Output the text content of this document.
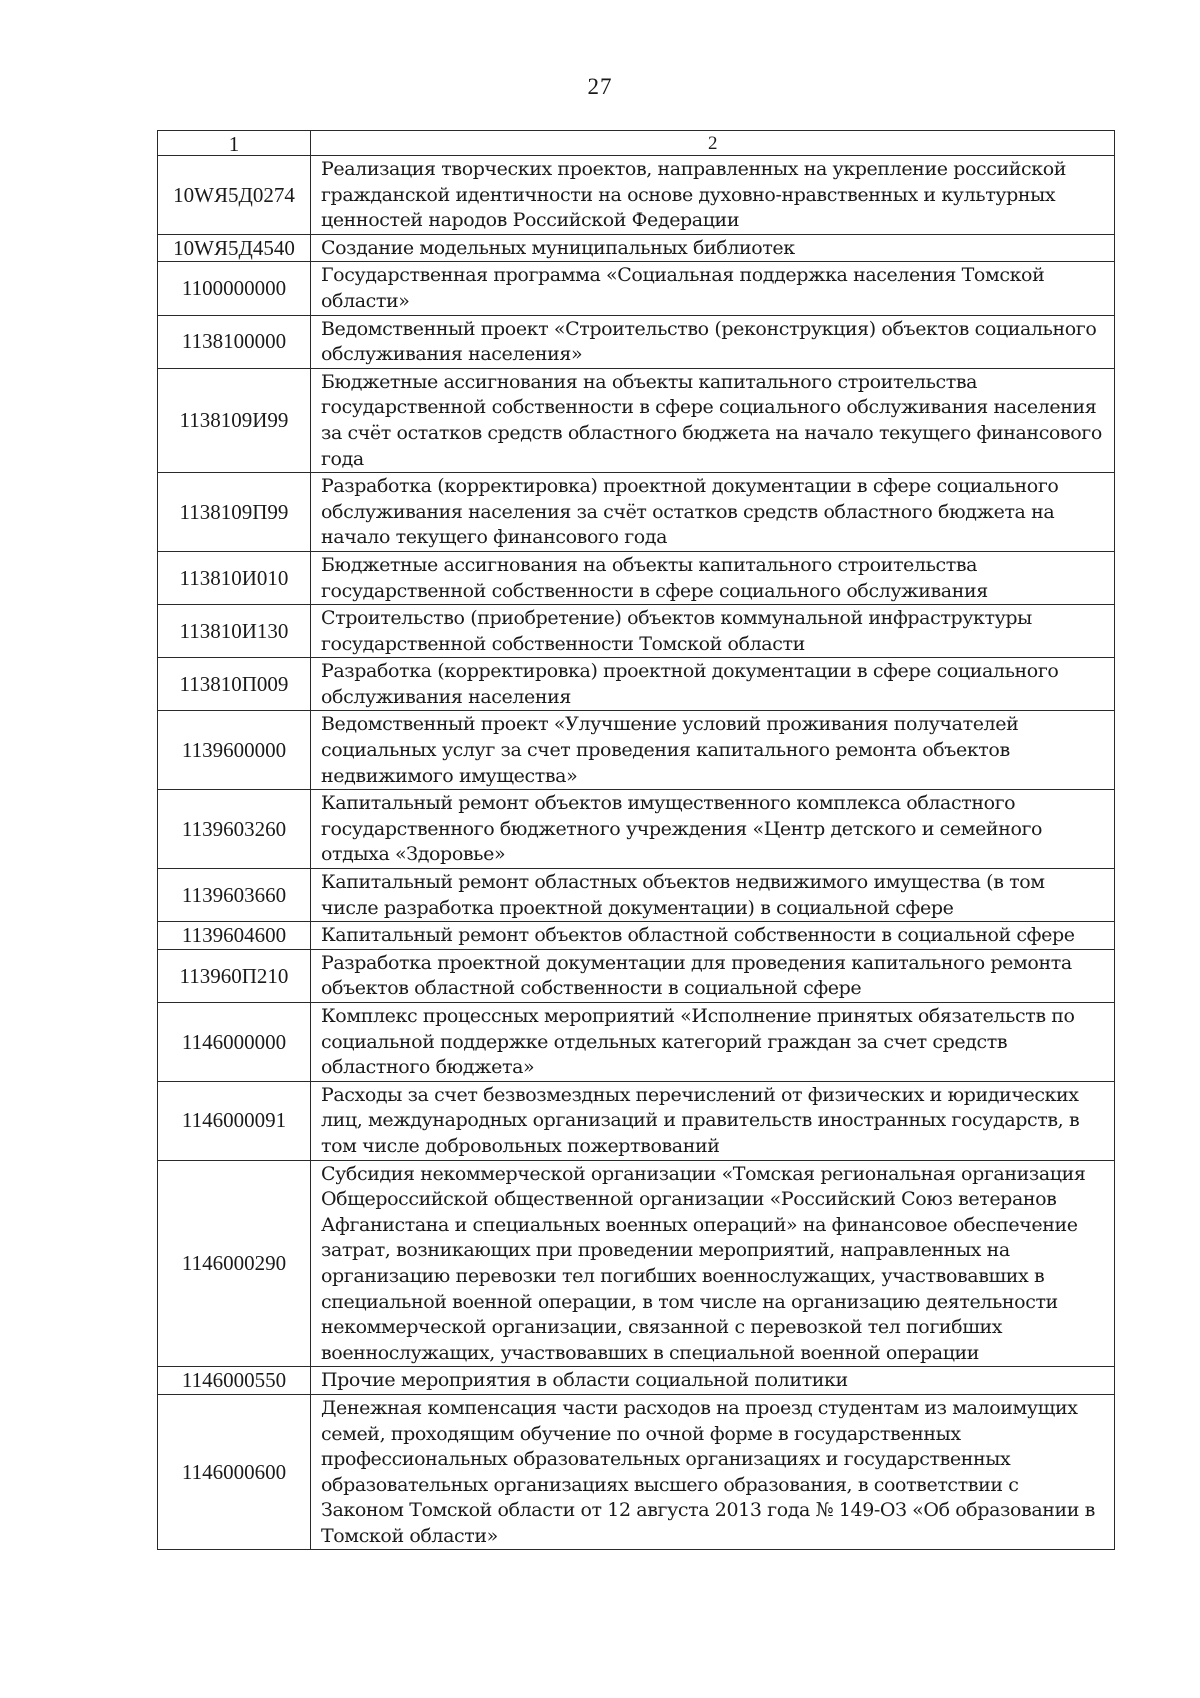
27
1	2
10WЯ5Д0274	Реализация творческих проектов, направленных на укрепление российской гражданской идентичности на основе духовно-нравственных и культурных ценностей народов Российской Федерации
10WЯ5Д4540	Создание модельных муниципальных библиотек
1100000000	Государственная программа «Социальная поддержка населения Томской области»
1138100000	Ведомственный проект «Строительство (реконструкция) объектов социального обслуживания населения»
1138109И99	Бюджетные ассигнования на объекты капитального строительства государственной собственности в сфере социального обслуживания населения за счёт остатков средств областного бюджета на начало текущего финансового года
1138109П99	Разработка (корректировка) проектной документации в сфере социального обслуживания населения за счёт остатков средств областного бюджета на начало текущего финансового года
113810И010	Бюджетные ассигнования на объекты капитального строительства государственной собственности в сфере социального обслуживания
113810И130	Строительство (приобретение) объектов коммунальной инфраструктуры государственной собственности Томской области
113810П009	Разработка (корректировка) проектной документации в сфере социального обслуживания населения
1139600000	Ведомственный проект «Улучшение условий проживания получателей социальных услуг за счет проведения капитального ремонта объектов недвижимого имущества»
1139603260	Капитальный ремонт объектов имущественного комплекса областного государственного бюджетного учреждения «Центр детского и семейного отдыха «Здоровье»
1139603660	Капитальный ремонт областных объектов недвижимого имущества (в том числе разработка проектной документации) в социальной сфере
1139604600	Капитальный ремонт объектов областной собственности в социальной сфере
113960П210	Разработка проектной документации для проведения капитального ремонта объектов областной собственности в социальной сфере
1146000000	Комплекс процессных мероприятий «Исполнение принятых обязательств по социальной поддержке отдельных категорий граждан за счет средств областного бюджета»
1146000091	Расходы за счет безвозмездных перечислений от физических и юридических лиц, международных организаций и правительств иностранных государств, в том числе добровольных пожертвований
1146000290	Субсидия некоммерческой организации «Томская региональная организация Общероссийской общественной организации «Российский Союз ветеранов Афганистана и специальных военных операций» на финансовое обеспечение затрат, возникающих при проведении мероприятий, направленных на организацию перевозки тел погибших военнослужащих, участвовавших в специальной военной операции, в том числе на организацию деятельности некоммерческой организации, связанной с перевозкой тел погибших военнослужащих, участвовавших в специальной военной операции
1146000550	Прочие мероприятия в области социальной политики
1146000600	Денежная компенсация части расходов на проезд студентам из малоимущих семей, проходящим обучение по очной форме в государственных профессиональных образовательных организациях и государственных образовательных организациях высшего образования, в соответствии с Законом Томской области от 12 августа 2013 года № 149-ОЗ «Об образовании в Томской области»
